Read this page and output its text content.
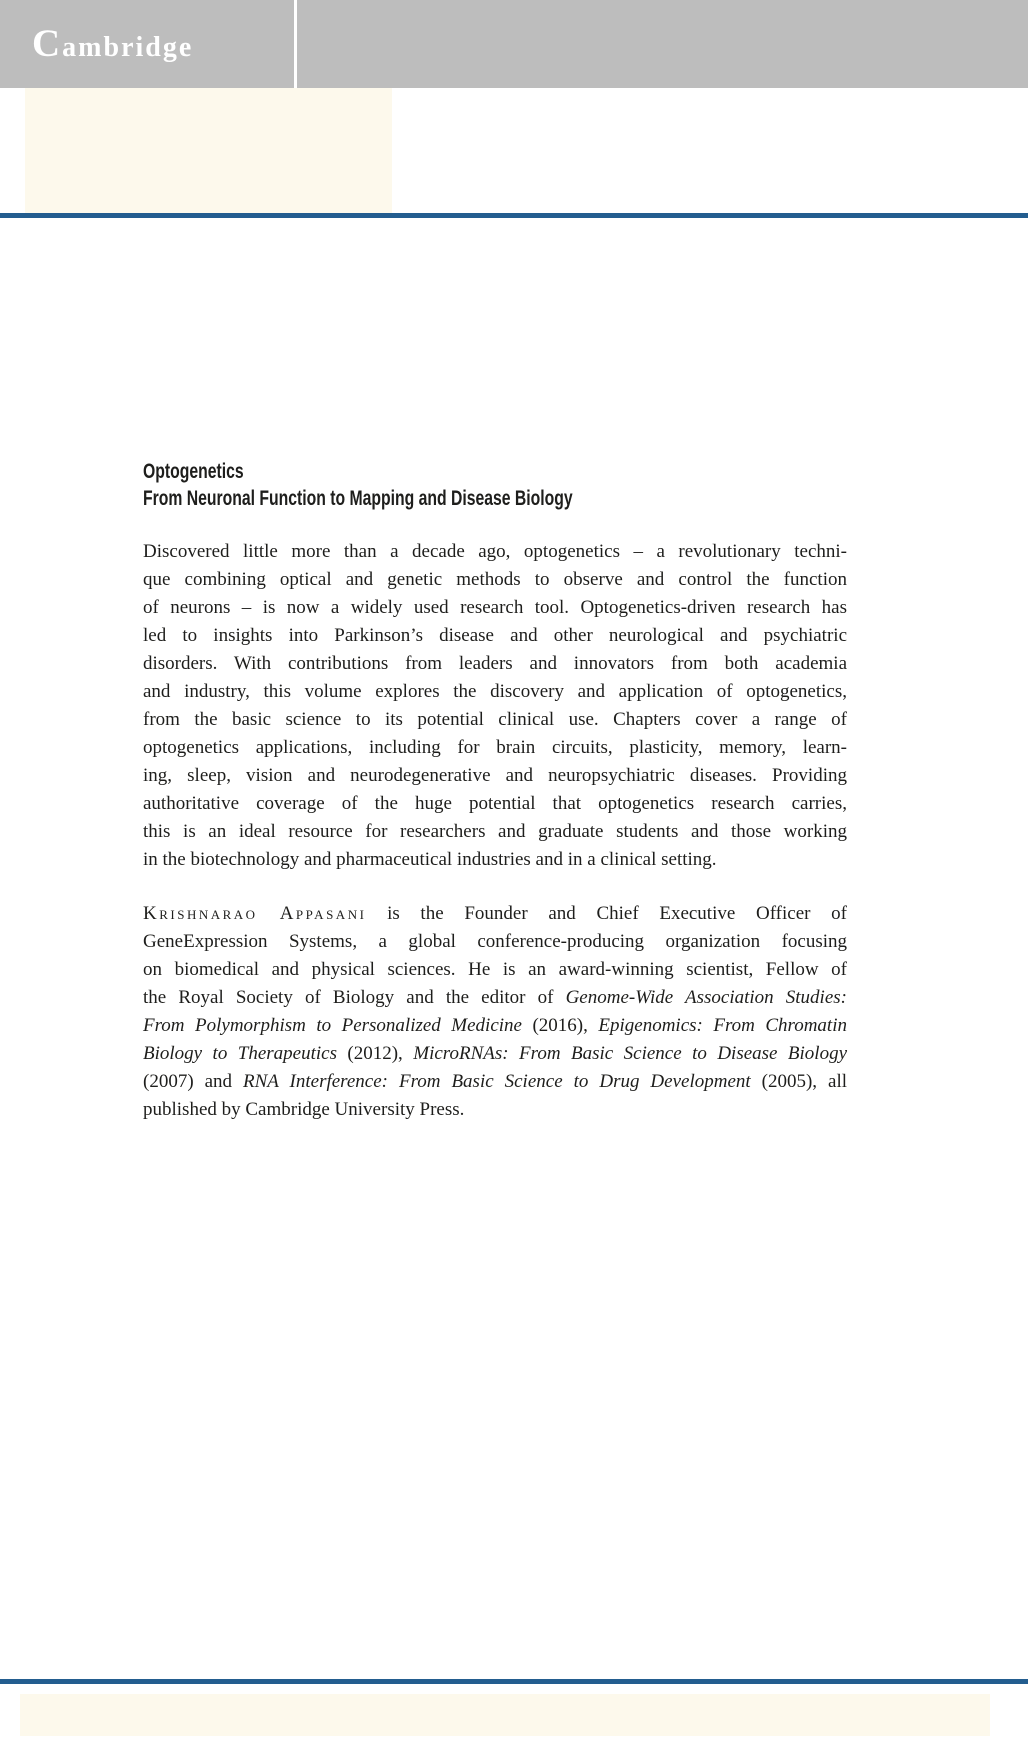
Cambridge
Optogenetics
From Neuronal Function to Mapping and Disease Biology
Discovered little more than a decade ago, optogenetics – a revolutionary techni-
que combining optical and genetic methods to observe and control the function
of neurons – is now a widely used research tool. Optogenetics-driven research has
led to insights into Parkinson’s disease and other neurological and psychiatric
disorders. With contributions from leaders and innovators from both academia
and industry, this volume explores the discovery and application of optogenetics,
from the basic science to its potential clinical use. Chapters cover a range of
optogenetics applications, including for brain circuits, plasticity, memory, learn-
ing, sleep, vision and neurodegenerative and neuropsychiatric diseases. Providing
authoritative coverage of the huge potential that optogenetics research carries,
this is an ideal resource for researchers and graduate students and those working
in the biotechnology and pharmaceutical industries and in a clinical setting.
Krishnarao Appasani is the Founder and Chief Executive Officer of
GeneExpression Systems, a global conference-producing organization focusing
on biomedical and physical sciences. He is an award-winning scientist, Fellow of
the Royal Society of Biology and the editor of Genome-Wide Association Studies:
From Polymorphism to Personalized Medicine (2016), Epigenomics: From Chromatin
Biology to Therapeutics (2012), MicroRNAs: From Basic Science to Disease Biology
(2007) and RNA Interference: From Basic Science to Drug Development (2005), all
published by Cambridge University Press.
